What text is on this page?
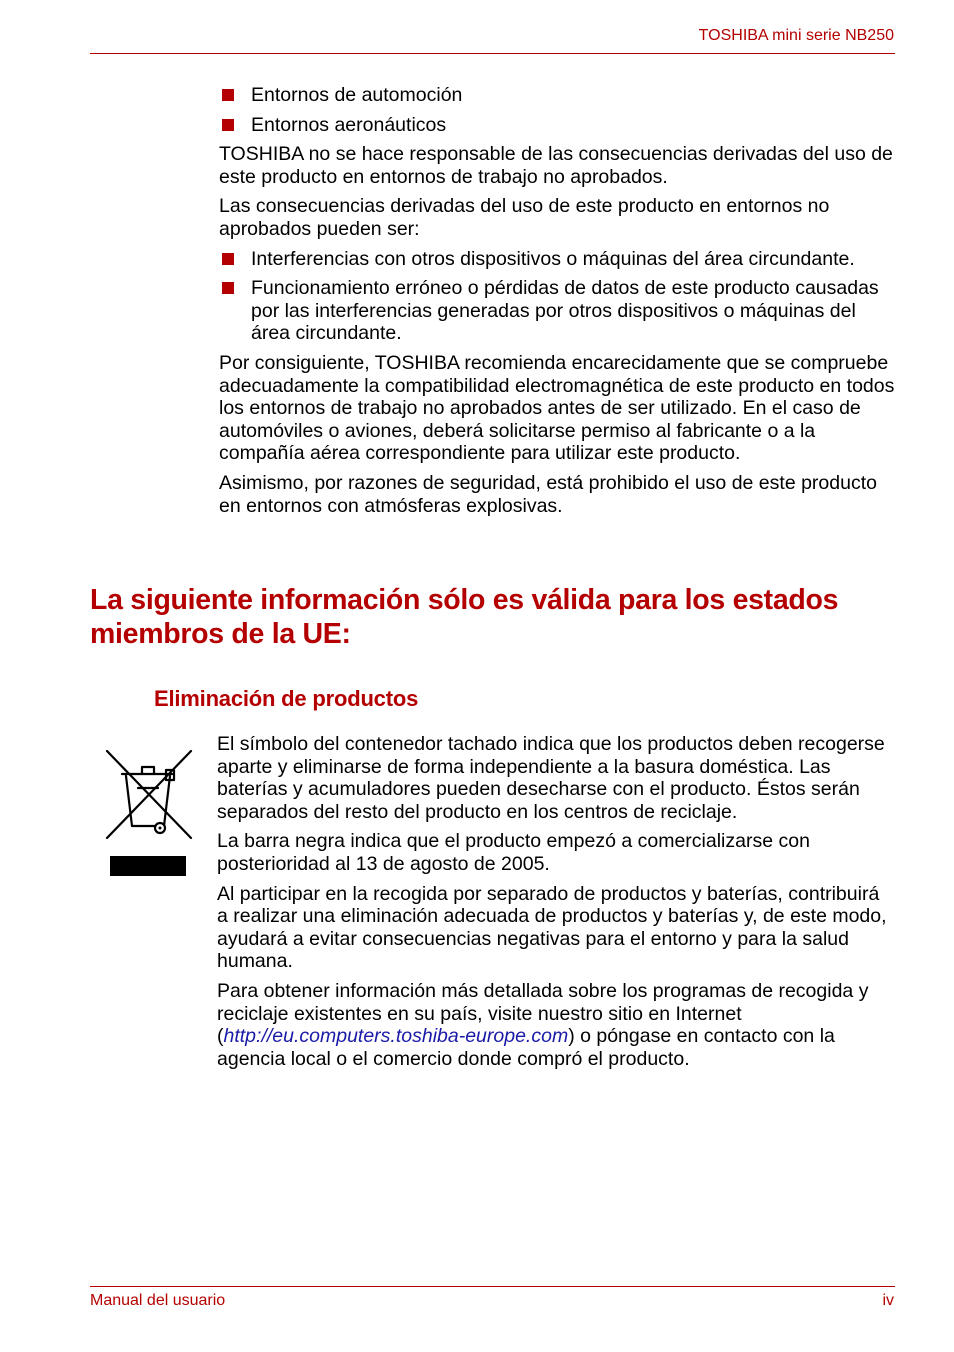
TOSHIBA mini serie NB250
Entornos de automoción
Entornos aeronáuticos
TOSHIBA no se hace responsable de las consecuencias derivadas del uso de este producto en entornos de trabajo no aprobados.
Las consecuencias derivadas del uso de este producto en entornos no aprobados pueden ser:
Interferencias con otros dispositivos o máquinas del área circundante.
Funcionamiento erróneo o pérdidas de datos de este producto causadas por las interferencias generadas por otros dispositivos o máquinas del área circundante.
Por consiguiente, TOSHIBA recomienda encarecidamente que se compruebe adecuadamente la compatibilidad electromagnética de este producto en todos los entornos de trabajo no aprobados antes de ser utilizado. En el caso de automóviles o aviones, deberá solicitarse permiso al fabricante o a la compañía aérea correspondiente para utilizar este producto.
Asimismo, por razones de seguridad, está prohibido el uso de este producto en entornos con atmósferas explosivas.
La siguiente información sólo es válida para los estados miembros de la UE:
Eliminación de productos
El símbolo del contenedor tachado indica que los productos deben recogerse aparte y eliminarse de forma independiente a la basura doméstica. Las baterías y acumuladores pueden desecharse con el producto. Éstos serán separados del resto del producto en los centros de reciclaje.
La barra negra indica que el producto empezó a comercializarse con posterioridad al 13 de agosto de 2005.
Al participar en la recogida por separado de productos y baterías, contribuirá a realizar una eliminación adecuada de productos y baterías y, de este modo, ayudará a evitar consecuencias negativas para el entorno y para la salud humana.
Para obtener información más detallada sobre los programas de recogida y reciclaje existentes en su país, visite nuestro sitio en Internet (http://eu.computers.toshiba-europe.com) o póngase en contacto con la agencia local o el comercio donde compró el producto.
Manual del usuario	iv
